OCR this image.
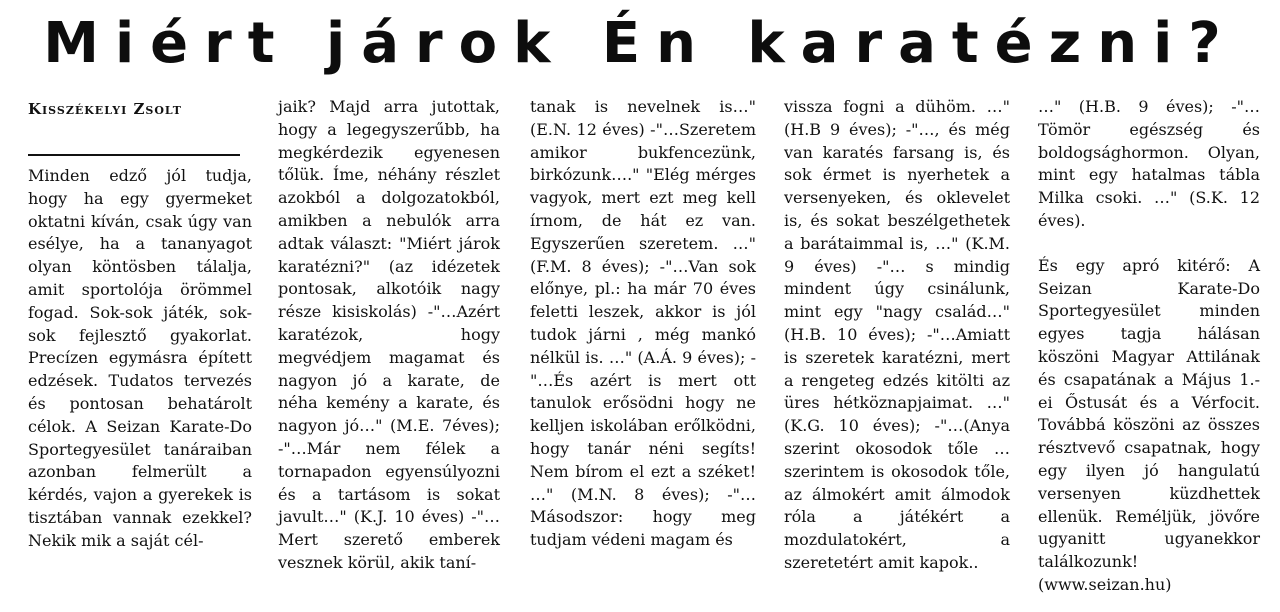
Miért járok Én karatézni?
Kisszékelyi Zsolt

Minden edző jól tudja, hogy ha egy gyermeket oktatni kíván, csak úgy van esélye, ha a tananyagot olyan köntösben tálalja, amit sportolója örömmel fogad. Sok-sok játék, sok-sok fejlesztő gyakorlat. Precízen egymásra épített edzések. Tudatos tervezés és pontosan behatárolt célok. A Seizan Karate-Do Sportegyesület tanáraiban azonban felmerült a kérdés, vajon a gyerekek is tisztában vannak ezekkel? Nekik mik a saját cél-

jaik? Majd arra jutottak, hogy a legegyszerűbb, ha megkérdezik egyenesen tőlük. Íme, néhány részlet azokból a dolgozatokból, amikben a nebulók arra adtak választ: "Miért járok karatézni?" (az idézetek pontosak, alkotóik nagy része kisiskolás) -"…Azért karatézok, hogy megvédjem magamat és nagyon jó a karate, de néha kemény a karate, és nagyon jó…" (M.E. 7éves); -"…Már nem félek a tornapadon egyensúlyozni és a tartásom is sokat javult…" (K.J. 10 éves) -"…Mert szerető emberek vesznek körül, akik taní-

tanak is nevelnek is…" (E.N. 12 éves) -"…Szeretem amikor bukfencezünk, birkózunk…." "Elég mérges vagyok, mert ezt meg kell írnom, de hát ez van. Egyszerűen szeretem. …" (F.M. 8 éves); -"…Van sok előnye, pl.: ha már 70 éves feletti leszek, akkor is jól tudok járni , még mankó nélkül is. …" (A.Á. 9 éves); -"…És azért is mert ott tanulok erősödni hogy ne kelljen iskolában erőlködni, hogy tanár néni segíts! Nem bírom el ezt a széket! …" (M.N. 8 éves); -"… Másodszor: hogy meg tudjam védeni magam és

vissza fogni a dühöm. …" (H.B 9 éves); -"…, és még van karatés farsang is, és sok érmet is nyerhetek a versenyeken, és oklevelet is, és sokat beszélgethetek a barátaimmal is, …" (K.M. 9 éves) -"… s mindig mindent úgy csinálunk, mint egy "nagy család…" (H.B. 10 éves); -"…Amiatt is szeretek karatézni, mert a rengeteg edzés kitölti az üres hétköznapjaimat. …" (K.G. 10 éves); -"…(Anya szerint okosodok tőle … szerintem is okosodok tőle, az álmokért amit álmodok róla a játékért a mozdulatokért, a szeretetért amit kapok..

…" (H.B. 9 éves); -"… Tömör egészség és boldogsághormon. Olyan, mint egy hatalmas tábla Milka csoki. …" (S.K. 12 éves).

És egy apró kitérő: A Seizan Karate-Do Sportegyesület minden egyes tagja hálásan köszöni Magyar Attilának és csapatának a Május 1.-ei Őstusát és a Vérfocit. Továbbá köszöni az összes résztvevő csapatnak, hogy egy ilyen jó hangulatú versenyen küzdhettek ellenük. Reméljük, jövőre ugyanitt ugyanekkor találkozunk! (www.seizan.hu)
